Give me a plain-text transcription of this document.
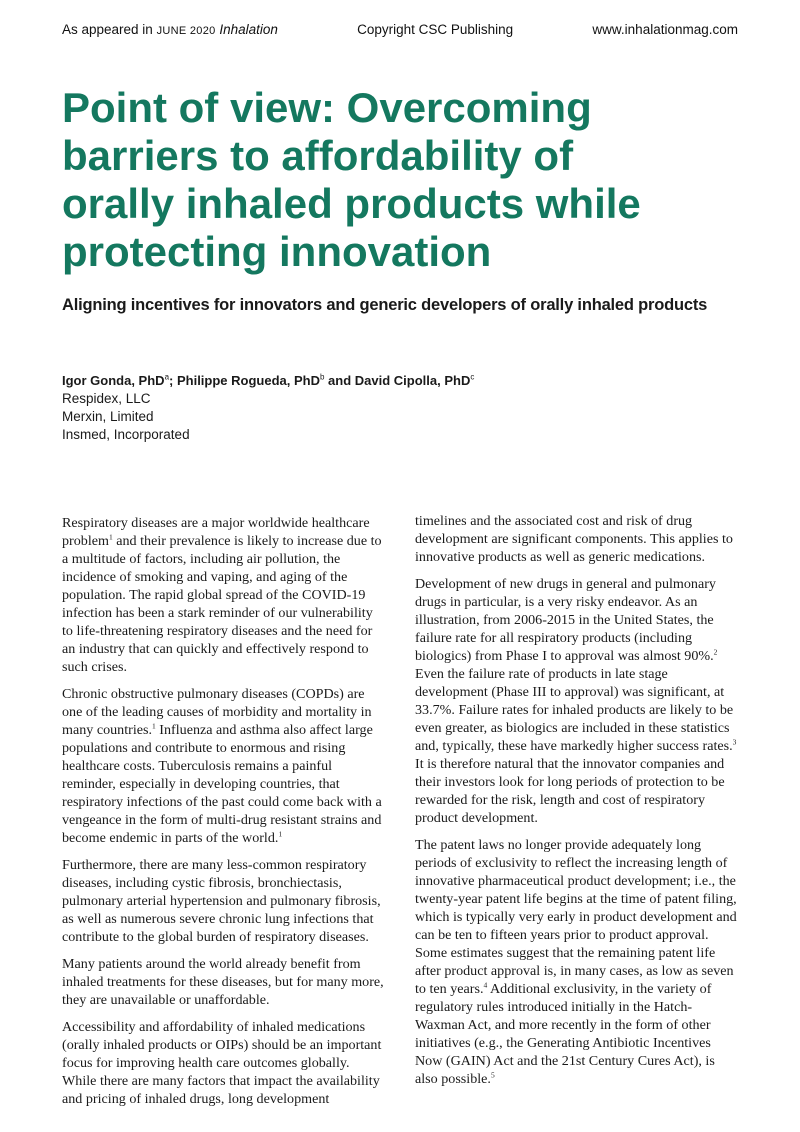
As appeared in JUNE 2020 Inhalation	Copyright CSC Publishing	www.inhalationmag.com
Point of view: Overcoming barriers to affordability of orally inhaled products while protecting innovation
Aligning incentives for innovators and generic developers of orally inhaled products
Igor Gonda, PhD$^a$; Philippe Rogueda, PhD$^b$ and David Cipolla, PhD$^c$
Respidex, LLC
Merxin, Limited
Insmed, Incorporated

Respiratory diseases are a major worldwide healthcare problem$^1$ and their prevalence is likely to increase due to a multitude of factors, including air pollution, the incidence of smoking and vaping, and aging of the population. The rapid global spread of the COVID-19 infection has been a stark reminder of our vulnerability to life-threatening respiratory diseases and the need for an industry that can quickly and effectively respond to such crises.

Chronic obstructive pulmonary diseases (COPDs) are one of the leading causes of morbidity and mortality in many countries.$^1$ Influenza and asthma also affect large populations and contribute to enormous and rising healthcare costs. Tuberculosis remains a painful reminder, especially in developing countries, that respiratory infections of the past could come back with a vengeance in the form of multi-drug resistant strains and become endemic in parts of the world.$^1$

Furthermore, there are many less-common respiratory diseases, including cystic fibrosis, bronchiectasis, pulmonary arterial hypertension and pulmonary fibrosis, as well as numerous severe chronic lung infections that contribute to the global burden of respiratory diseases.

Many patients around the world already benefit from inhaled treatments for these diseases, but for many more, they are unavailable or unaffordable.

Accessibility and affordability of inhaled medications (orally inhaled products or OIPs) should be an important focus for improving health care outcomes globally. While there are many factors that impact the availability and pricing of inhaled drugs, long development

timelines and the associated cost and risk of drug development are significant components. This applies to innovative products as well as generic medications.

Development of new drugs in general and pulmonary drugs in particular, is a very risky endeavor. As an illustration, from 2006-2015 in the United States, the failure rate for all respiratory products (including biologics) from Phase I to approval was almost 90%.$^2$ Even the failure rate of products in late stage development (Phase III to approval) was significant, at 33.7%. Failure rates for inhaled products are likely to be even greater, as biologics are included in these statistics and, typically, these have markedly higher success rates.$^3$ It is therefore natural that the innovator companies and their investors look for long periods of protection to be rewarded for the risk, length and cost of respiratory product development.

The patent laws no longer provide adequately long periods of exclusivity to reflect the increasing length of innovative pharmaceutical product development; i.e., the twenty-year patent life begins at the time of patent filing, which is typically very early in product development and can be ten to fifteen years prior to product approval. Some estimates suggest that the remaining patent life after product approval is, in many cases, as low as seven to ten years.$^4$ Additional exclusivity, in the variety of regulatory rules introduced initially in the Hatch-Waxman Act, and more recently in the form of other initiatives (e.g., the Generating Antibiotic Incentives Now (GAIN) Act and the 21st Century Cures Act), is also possible.$^5$
